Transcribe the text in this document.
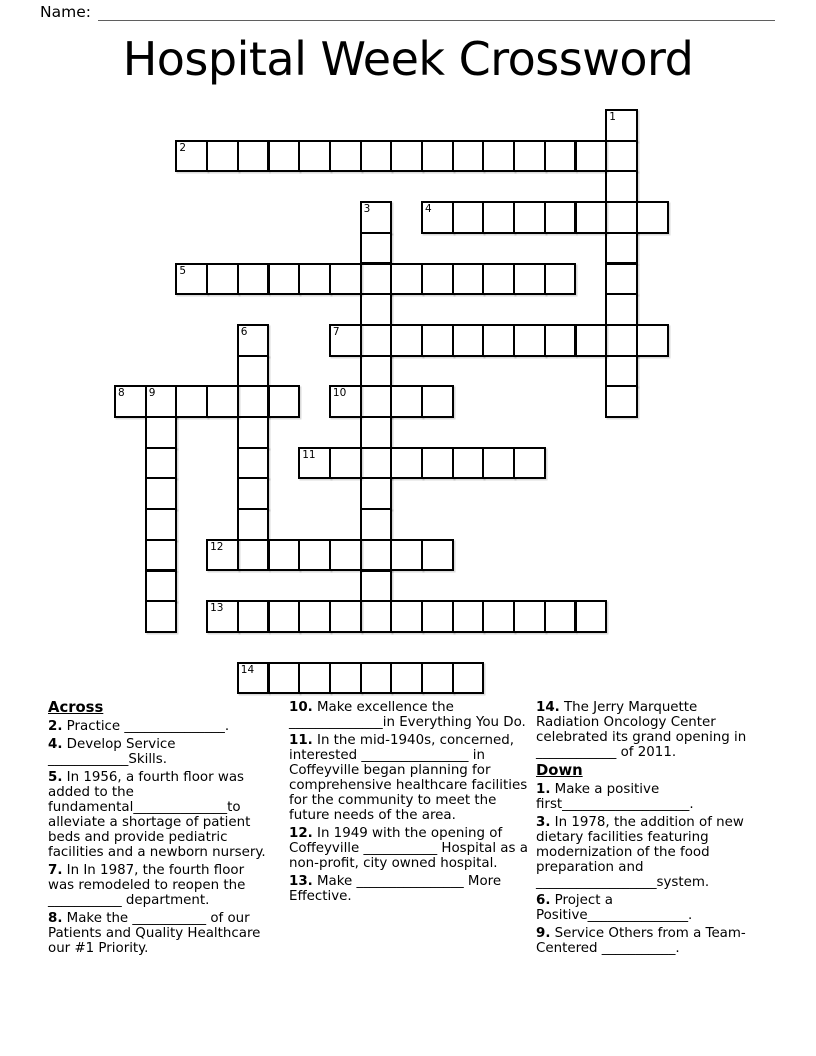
Name:
Hospital Week Crossword
1
2
3	4
5
6	7
8 9	10
11
12
13
14
Across
2. Practice _______________.
4. Develop Service ____________Skills.
5. In 1956, a fourth floor was added to the fundamental______________to alleviate a shortage of patient beds and provide pediatric facilities and a newborn nursery.
7. In In 1987, the fourth floor was remodeled to reopen the ___________ department.
8. Make the ___________ of our Patients and Quality Healthcare our #1 Priority.
10. Make excellence the ______________in Everything You Do.
11. In the mid-1940s, concerned, interested ________________ in Coffeyville began planning for comprehensive healthcare facilities for the community to meet the future needs of the area.
12. In 1949 with the opening of Coffeyville ___________ Hospital as a non-profit, city owned hospital.
13. Make ________________ More Effective.
14. The Jerry Marquette Radiation Oncology Center celebrated its grand opening in ____________ of 2011.
Down
1. Make a positive first___________________.
3. In 1978, the addition of new dietary facilities featuring modernization of the food preparation and __________________system.
6. Project a Positive_______________.
9. Service Others from a Team-Centered ___________.
